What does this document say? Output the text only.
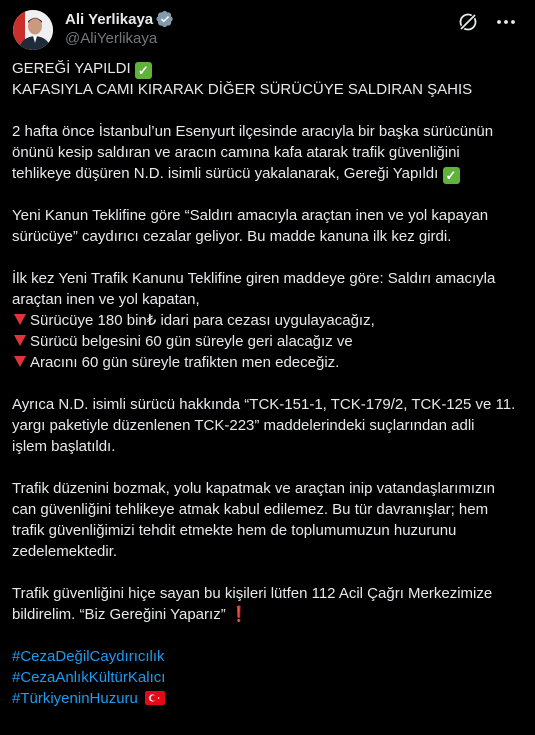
Ali Yerlikaya
@AliYerlikaya
GEREĞİ YAPILDI ✓
KAFASIYLA CAMI KIRARAK DİĞER SÜRÜCÜYE SALDIRAN ŞAHIS
2 hafta önce İstanbul’un Esenyurt ilçesinde aracıyla bir başka sürücünün
önünü kesip saldıran ve aracın camına kafa atarak trafik güvenliğini
tehlikeye düşüren N.D. isimli sürücü yakalanarak, Gereği Yapıldı ✓
Yeni Kanun Teklifine göre “Saldırı amacıyla araçtan inen ve yol kapayan
sürücüye” caydırıcı cezalar geliyor. Bu madde kanuna ilk kez girdi.
İlk kez Yeni Trafik Kanunu Teklifine giren maddeye göre: Saldırı amacıyla
araçtan inen ve yol kapatan,
Sürücüye 180 bin₺ idari para cezası uygulayacağız,
Sürücü belgesini 60 gün süreyle geri alacağız ve
Aracını 60 gün süreyle trafikten men edeceğiz.
Ayrıca N.D. isimli sürücü hakkında “TCK-151-1, TCK-179/2, TCK-125 ve 11.
yargı paketiyle düzenlenen TCK-223” maddelerindeki suçlarından adli
işlem başlatıldı.
Trafik düzenini bozmak, yolu kapatmak ve araçtan inip vatandaşlarımızın
can güvenliğini tehlikeye atmak kabul edilemez. Bu tür davranışlar; hem
trafik güvenliğimizi tehdit etmekte hem de toplumumuzun huzurunu
zedelemektedir.
Trafik güvenliğini hiçe sayan bu kişileri lütfen 112 Acil Çağrı Merkezimize
bildirelim. “Biz Gereğini Yaparız” ❗
#CezaDeğilCaydırıcılık
#CezaAnlıkKültürKalıcı
#TürkiyeninHuzuru
